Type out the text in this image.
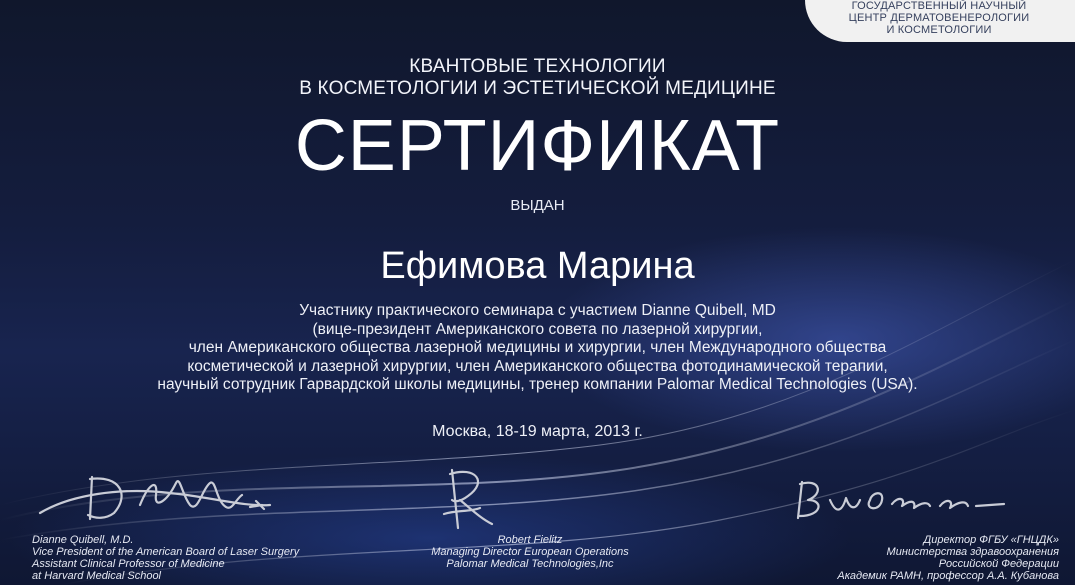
ГОСУДАРСТВЕННЫЙ НАУЧНЫЙ
ЦЕНТР ДЕРМАТОВЕНЕРОЛОГИИ
И КОСМЕТОЛОГИИ
КВАНТОВЫЕ ТЕХНОЛОГИИ
В КОСМЕТОЛОГИИ И ЭСТЕТИЧЕСКОЙ МЕДИЦИНЕ
СЕРТИФИКАТ
ВЫДАН
Ефимова Марина
Участнику практического семинара с участием Dianne Quibell, MD
(вице-президент Американского совета по лазерной хирургии,
член Американского общества лазерной медицины и хирургии, член Международного общества
косметической и лазерной хирургии, член Американского общества фотодинамической терапии,
научный сотрудник Гарвардской школы медицины, тренер компании Palomar Medical Technologies (USA).
Москва, 18-19 марта, 2013 г.
Dianne Quibell, M.D.
Vice President of the American Board of Laser Surgery
Assistant Clinical Professor of Medicine
at Harvard Medical School
Robert Fielitz
Managing Director European Operations
Palomar Medical Technologies,Inc
Директор ФГБУ «ГНЦДК»
Министерства здравоохранения
Российской Федерации
Академик РАМН, профессор А.А. Кубанова
